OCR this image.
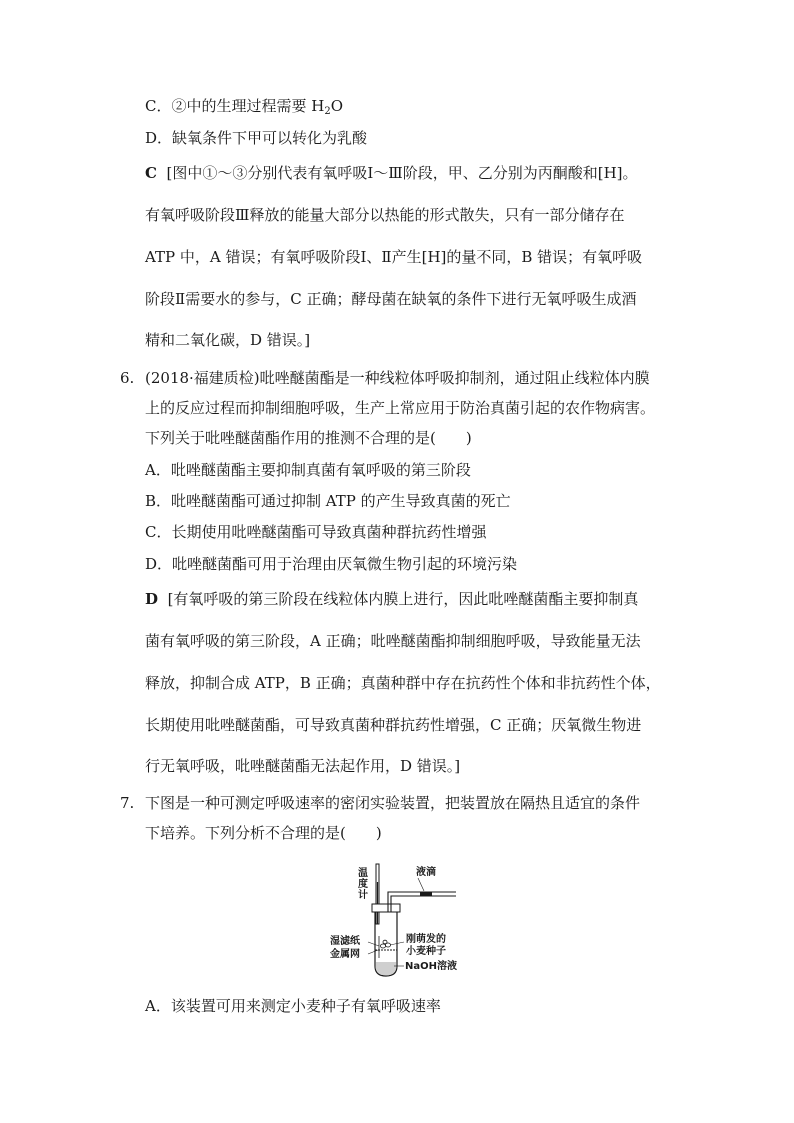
C．②中的生理过程需要 $H_2O$
D．缺氧条件下甲可以转化为乳酸
C [图中①～③分别代表有氧呼吸Ⅰ～Ⅲ阶段，甲、乙分别为丙酮酸和[H]。
有氧呼吸阶段Ⅲ释放的能量大部分以热能的形式散失，只有一部分储存在
ATP 中，A 错误；有氧呼吸阶段Ⅰ、Ⅱ产生[H]的量不同，B 错误；有氧呼吸
阶段Ⅱ需要水的参与，C 正确；酵母菌在缺氧的条件下进行无氧呼吸生成酒
精和二氧化碳，D 错误。]
6. (2018·福建质检)吡唑醚菌酯是一种线粒体呼吸抑制剂，通过阻止线粒体内膜
上的反应过程而抑制细胞呼吸，生产上常应用于防治真菌引起的农作物病害。
下列关于吡唑醚菌酯作用的推测不合理的是(　　)
A．吡唑醚菌酯主要抑制真菌有氧呼吸的第三阶段
B．吡唑醚菌酯可通过抑制 ATP 的产生导致真菌的死亡
C．长期使用吡唑醚菌酯可导致真菌种群抗药性增强
D．吡唑醚菌酯可用于治理由厌氧微生物引起的环境污染
D [有氧呼吸的第三阶段在线粒体内膜上进行，因此吡唑醚菌酯主要抑制真
菌有氧呼吸的第三阶段，A 正确；吡唑醚菌酯抑制细胞呼吸，导致能量无法
释放，抑制合成 ATP，B 正确；真菌种群中存在抗药性个体和非抗药性个体，
长期使用吡唑醚菌酯，可导致真菌种群抗药性增强，C 正确；厌氧微生物进
行无氧呼吸，吡唑醚菌酯无法起作用，D 错误。]
7. 下图是一种可测定呼吸速率的密闭实验装置，把装置放在隔热且适宜的条件
下培养。下列分析不合理的是(　　)
温
度
计
液滴
湿滤纸
金属网
刚萌发的
小麦种子
NaOH溶液
A．该装置可用来测定小麦种子有氧呼吸速率
